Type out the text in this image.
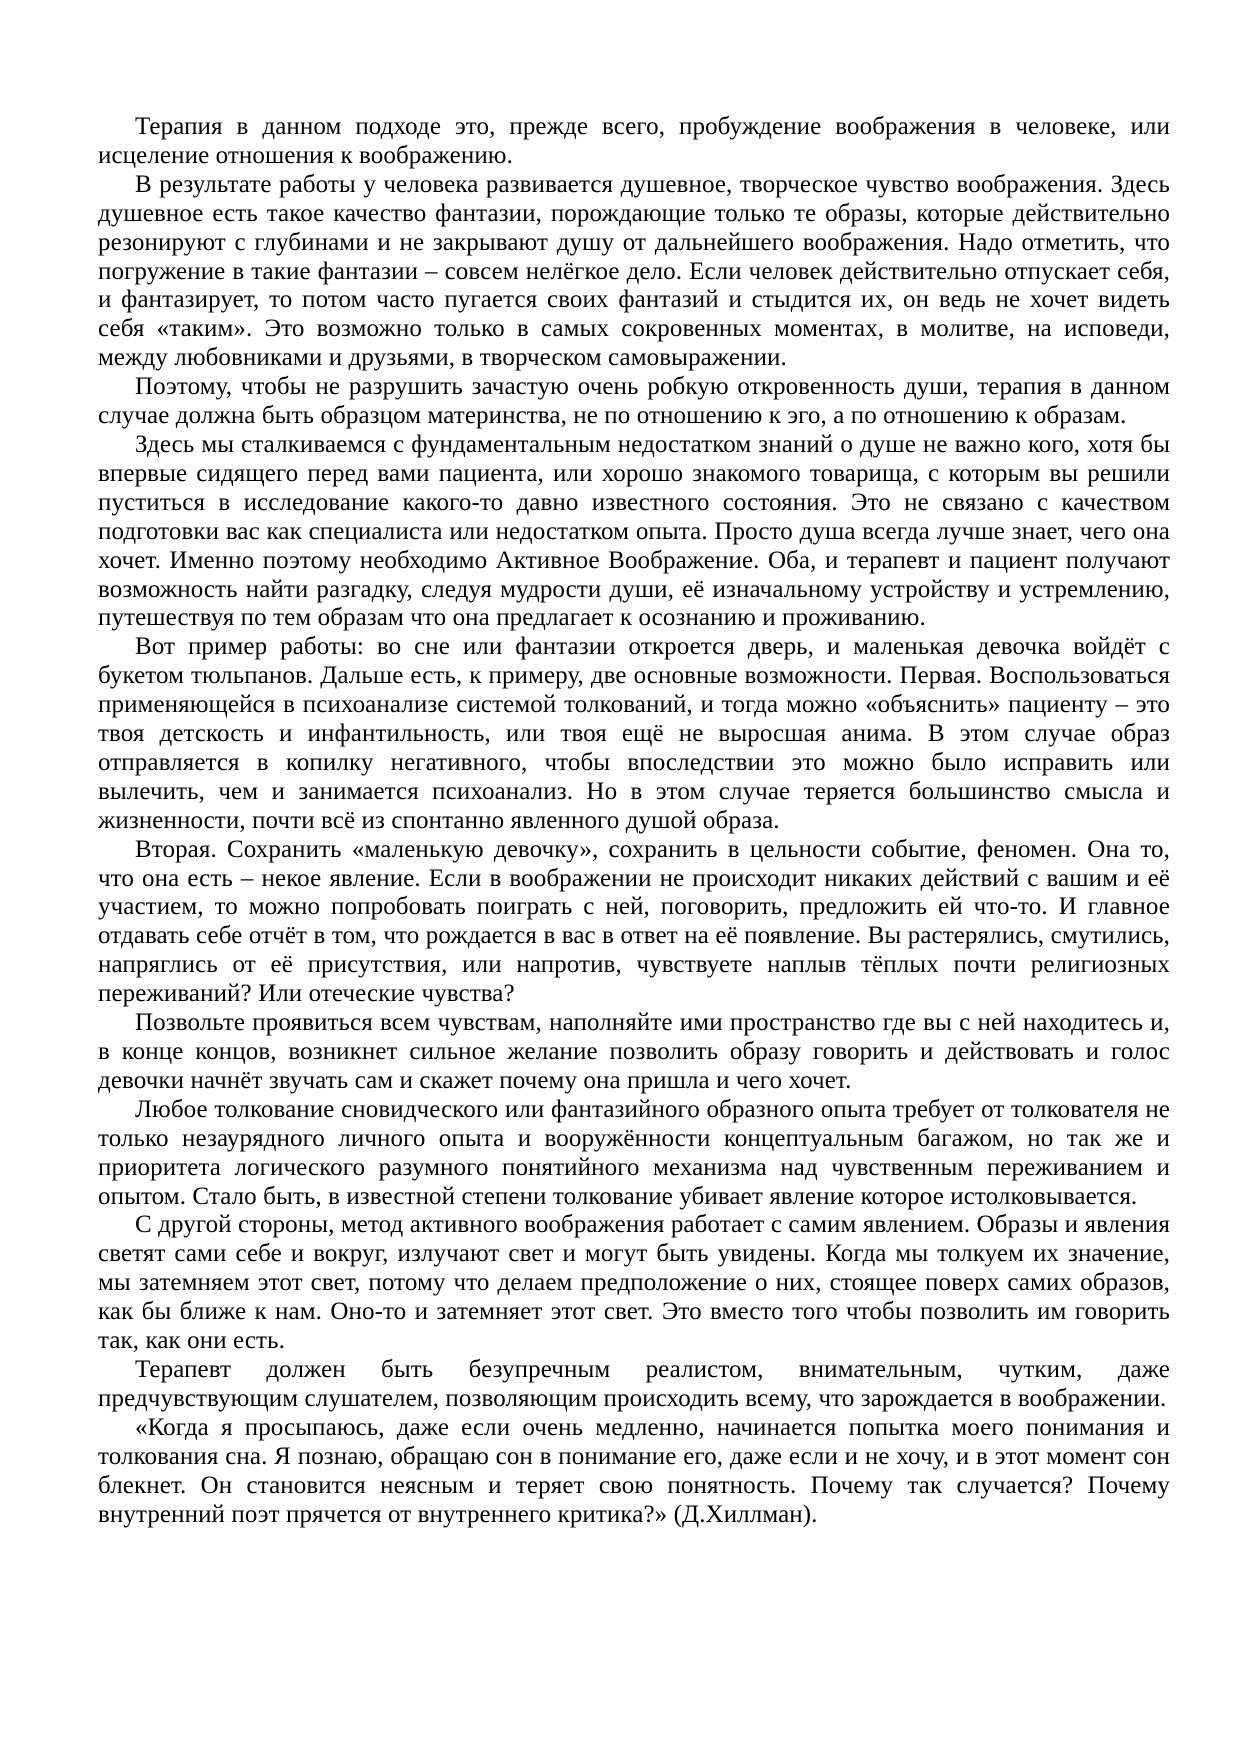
Терапия в данном подходе это, прежде всего, пробуждение воображения в человеке, или исцеление отношения к воображению.

В результате работы у человека развивается душевное, творческое чувство воображения. Здесь душевное есть такое качество фантазии, порождающие только те образы, которые действительно резонируют с глубинами и не закрывают душу от дальнейшего воображения. Надо отметить, что погружение в такие фантазии – совсем нелёгкое дело. Если человек действительно отпускает себя, и фантазирует, то потом часто пугается своих фантазий и стыдится их, он ведь не хочет видеть себя «таким». Это возможно только в самых сокровенных моментах, в молитве, на исповеди, между любовниками и друзьями, в творческом самовыражении.

Поэтому, чтобы не разрушить зачастую очень робкую откровенность души, терапия в данном случае должна быть образцом материнства, не по отношению к эго, а по отношению к образам.

Здесь мы сталкиваемся с фундаментальным недостатком знаний о душе не важно кого, хотя бы впервые сидящего перед вами пациента, или хорошо знакомого товарища, с которым вы решили пуститься в исследование какого-то давно известного состояния. Это не связано с качеством подготовки вас как специалиста или недостатком опыта. Просто душа всегда лучше знает, чего она хочет. Именно поэтому необходимо Активное Воображение. Оба, и терапевт и пациент получают возможность найти разгадку, следуя мудрости души, её изначальному устройству и устремлению, путешествуя по тем образам что она предлагает к осознанию и проживанию.

Вот пример работы: во сне или фантазии откроется дверь, и маленькая девочка войдёт с букетом тюльпанов. Дальше есть, к примеру, две основные возможности. Первая. Воспользоваться применяющейся в психоанализе системой толкований, и тогда можно «объяснить» пациенту – это твоя детскость и инфантильность, или твоя ещё не выросшая анима. В этом случае образ отправляется в копилку негативного, чтобы впоследствии это можно было исправить или вылечить, чем и занимается психоанализ. Но в этом случае теряется большинство смысла и жизненности, почти всё из спонтанно явленного душой образа.

Вторая. Сохранить «маленькую девочку», сохранить в цельности событие, феномен. Она то, что она есть – некое явление. Если в воображении не происходит никаких действий с вашим и её участием, то можно попробовать поиграть с ней, поговорить, предложить ей что-то. И главное отдавать себе отчёт в том, что рождается в вас в ответ на её появление. Вы растерялись, смутились, напряглись от её присутствия, или напротив, чувствуете наплыв тёплых почти религиозных переживаний? Или отеческие чувства?

Позвольте проявиться всем чувствам, наполняйте ими пространство где вы с ней находитесь и, в конце концов, возникнет сильное желание позволить образу говорить и действовать и голос девочки начнёт звучать сам и скажет почему она пришла и чего хочет.

Любое толкование сновидческого или фантазийного образного опыта требует от толкователя не только незаурядного личного опыта и вооружённости концептуальным багажом, но так же и приоритета логического разумного понятийного механизма над чувственным переживанием и опытом. Стало быть, в известной степени толкование убивает явление которое истолковывается.

С другой стороны, метод активного воображения работает с самим явлением. Образы и явления светят сами себе и вокруг, излучают свет и могут быть увидены. Когда мы толкуем их значение, мы затемняем этот свет, потому что делаем предположение о них, стоящее поверх самих образов, как бы ближе к нам. Оно-то и затемняет этот свет. Это вместо того чтобы позволить им говорить так, как они есть.

Терапевт должен быть безупречным реалистом, внимательным, чутким, даже предчувствующим слушателем, позволяющим происходить всему, что зарождается в воображении.

«Когда я просыпаюсь, даже если очень медленно, начинается попытка моего понимания и толкования сна. Я познаю, обращаю сон в понимание его, даже если и не хочу, и в этот момент сон блекнет. Он становится неясным и теряет свою понятность. Почему так случается? Почему внутренний поэт прячется от внутреннего критика?» (Д.Хиллман).
